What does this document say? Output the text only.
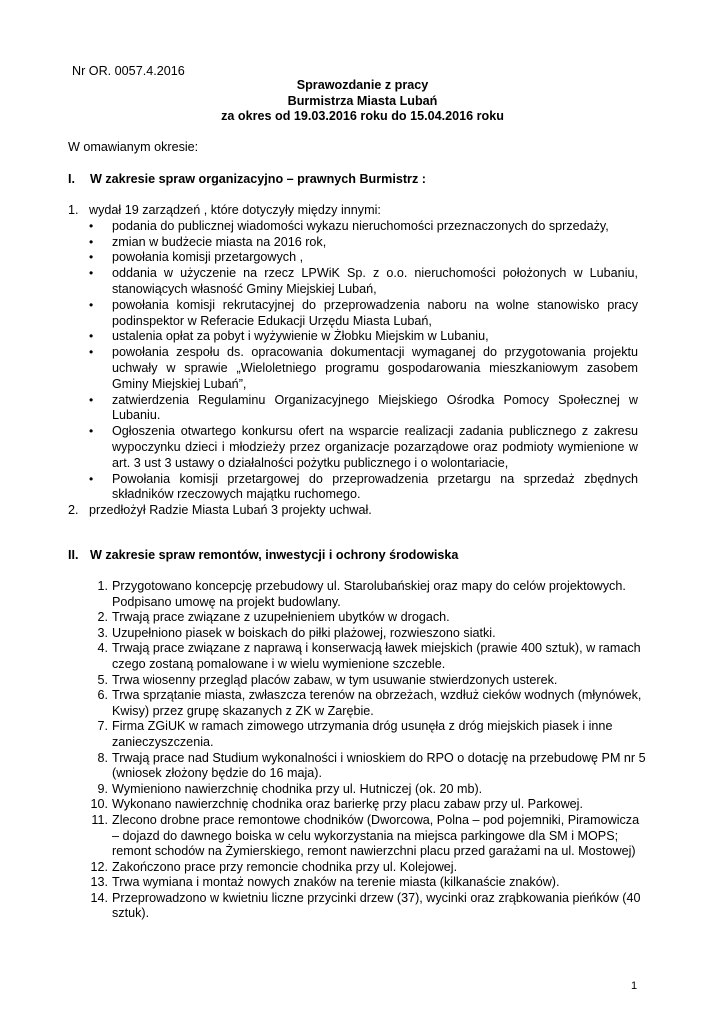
Nr OR. 0057.4.2016
Sprawozdanie z pracy
Burmistrza Miasta Lubań
za okres od 19.03.2016 roku do 15.04.2016 roku
W omawianym okresie:
I. W zakresie spraw organizacyjno – prawnych Burmistrz :
1. wydał 19 zarządzeń , które dotyczyły między innymi:
• podania do publicznej wiadomości wykazu nieruchomości przeznaczonych do sprzedaży,
• zmian w budżecie miasta na 2016 rok,
• powołania komisji przetargowych ,
• oddania w użyczenie na rzecz LPWiK Sp. z o.o. nieruchomości położonych w Lubaniu, stanowiących własność Gminy Miejskiej Lubań,
• powołania komisji rekrutacyjnej do przeprowadzenia naboru na wolne stanowisko pracy podinspektor w Referacie Edukacji Urzędu Miasta Lubań,
• ustalenia opłat za pobyt i wyżywienie w Żłobku Miejskim w Lubaniu,
• powołania zespołu ds. opracowania dokumentacji wymaganej do przygotowania projektu uchwały w sprawie „Wieloletniego programu gospodarowania mieszkaniowym zasobem Gminy Miejskiej Lubań”,
• zatwierdzenia Regulaminu Organizacyjnego Miejskiego Ośrodka Pomocy Społecznej w Lubaniu.
• Ogłoszenia otwartego konkursu ofert na wsparcie realizacji zadania publicznego z zakresu wypoczynku dzieci i młodzieży przez organizacje pozarządowe oraz podmioty wymienione w art. 3 ust 3 ustawy o działalności pożytku publicznego i o wolontariacie,
• Powołania komisji przetargowej do przeprowadzenia przetargu na sprzedaż zbędnych składników rzeczowych majątku ruchomego.
2. przedłożył Radzie Miasta Lubań 3 projekty uchwał.
II. W zakresie spraw remontów, inwestycji i ochrony środowiska
1. Przygotowano koncepcję przebudowy ul. Starolubańskiej oraz mapy do celów projektowych. Podpisano umowę na projekt budowlany.
2. Trwają prace związane z uzupełnieniem ubytków w drogach.
3. Uzupełniono piasek w boiskach do piłki plażowej, rozwieszono siatki.
4. Trwają prace związane z naprawą i konserwacją ławek miejskich (prawie 400 sztuk), w ramach czego zostaną pomalowane i w wielu wymienione szczeble.
5. Trwa wiosenny przegląd placów zabaw, w tym usuwanie stwierdzonych usterek.
6. Trwa sprzątanie miasta, zwłaszcza terenów na obrzeżach, wzdłuż cieków wodnych (młynówek, Kwisy) przez grupę skazanych z ZK w Zarębie.
7. Firma ZGiUK w ramach zimowego utrzymania dróg usunęła z dróg miejskich piasek i inne zanieczyszczenia.
8. Trwają prace nad Studium wykonalności i wnioskiem do RPO o dotację na przebudowę PM nr 5 (wniosek złożony będzie do 16 maja).
9. Wymieniono nawierzchnię chodnika przy ul. Hutniczej (ok. 20 mb).
10. Wykonano nawierzchnię chodnika oraz barierkę przy placu zabaw przy ul. Parkowej.
11. Zlecono drobne prace remontowe chodników (Dworcowa, Polna – pod pojemniki, Piramowicza – dojazd do dawnego boiska w celu wykorzystania na miejsca parkingowe dla SM i MOPS; remont schodów na Żymierskiego, remont nawierzchni placu przed garażami na ul. Mostowej)
12. Zakończono prace przy remoncie chodnika przy ul. Kolejowej.
13. Trwa wymiana i montaż nowych znaków na terenie miasta (kilkanaście znaków).
14. Przeprowadzono w kwietniu liczne przycinki drzew (37), wycinki oraz zrąbkowania pieńków (40 sztuk).
1
